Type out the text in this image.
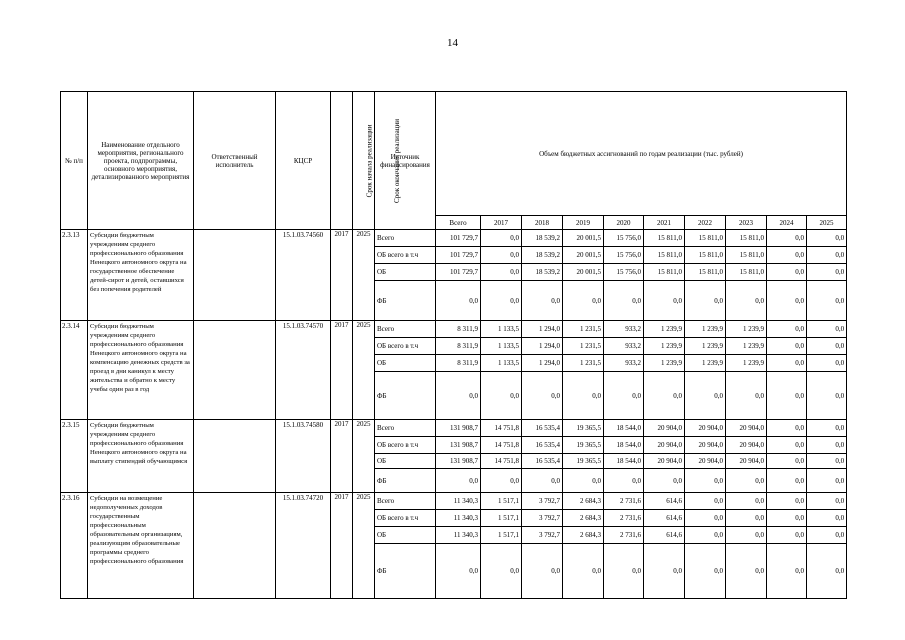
14
№ п/п	Наименование отдельного мероприятия, регионального проекта, подпрограммы, основного мероприятия, детализированного мероприятия	Ответственный исполнитель	КЦСР	Срок начала реализации	Срок окончания реализации	Источник финансирования	Объем бюджетных ассигнований по годам реализации (тыс. рублей)									
							Всего	2017	2018	2019	2020	2021	2022	2023	2024	2025
2.3.13	Субсидии бюджетным учреждениям среднего профессионального образования Ненецкого автономного округа на государственное обеспечение детей-сирот и детей, оставшихся без попечения родителей		15.1.03.74560	2017	2025	Всего	101 729,7	0,0	18 539,2	20 001,5	15 756,0	15 811,0	15 811,0	15 811,0	0,0	0,0
						ОБ всего в т.ч	101 729,7	0,0	18 539,2	20 001,5	15 756,0	15 811,0	15 811,0	15 811,0	0,0	0,0
						ОБ	101 729,7	0,0	18 539,2	20 001,5	15 756,0	15 811,0	15 811,0	15 811,0	0,0	0,0
						ФБ	0,0	0,0	0,0	0,0	0,0	0,0	0,0	0,0	0,0	0,0
2.3.14	Субсидии бюджетным учреждениям среднего профессионального образования Ненецкого автономного округа на компенсацию денежных средств за проезд в дни каникул к месту жительства и обратно к месту учебы один раз в год		15.1.03.74570	2017	2025	Всего	8 311,9	1 133,5	1 294,0	1 231,5	933,2	1 239,9	1 239,9	1 239,9	0,0	0,0
						ОБ всего в т.ч	8 311,9	1 133,5	1 294,0	1 231,5	933,2	1 239,9	1 239,9	1 239,9	0,0	0,0
						ОБ	8 311,9	1 133,5	1 294,0	1 231,5	933,2	1 239,9	1 239,9	1 239,9	0,0	0,0
						ФБ	0,0	0,0	0,0	0,0	0,0	0,0	0,0	0,0	0,0	0,0
2.3.15	Субсидии бюджетным учреждениям среднего профессионального образования Ненецкого автономного округа на выплату стипендий обучающимся		15.1.03.74580	2017	2025	Всего	131 908,7	14 751,8	16 535,4	19 365,5	18 544,0	20 904,0	20 904,0	20 904,0	0,0	0,0
						ОБ всего в т.ч	131 908,7	14 751,8	16 535,4	19 365,5	18 544,0	20 904,0	20 904,0	20 904,0	0,0	0,0
						ОБ	131 908,7	14 751,8	16 535,4	19 365,5	18 544,0	20 904,0	20 904,0	20 904,0	0,0	0,0
						ФБ	0,0	0,0	0,0	0,0	0,0	0,0	0,0	0,0	0,0	0,0
2.3.16	Субсидии на возмещение недополученных доходов государственным профессиональным образовательным организациям, реализующим образовательные программы среднего профессионального образования		15.1.03.74720	2017	2025	Всего	11 340,3	1 517,1	3 792,7	2 684,3	2 731,6	614,6	0,0	0,0	0,0	0,0
						ОБ всего в т.ч	11 340,3	1 517,1	3 792,7	2 684,3	2 731,6	614,6	0,0	0,0	0,0	0,0
						ОБ	11 340,3	1 517,1	3 792,7	2 684,3	2 731,6	614,6	0,0	0,0	0,0	0,0
						ФБ	0,0	0,0	0,0	0,0	0,0	0,0	0,0	0,0	0,0	0,0
